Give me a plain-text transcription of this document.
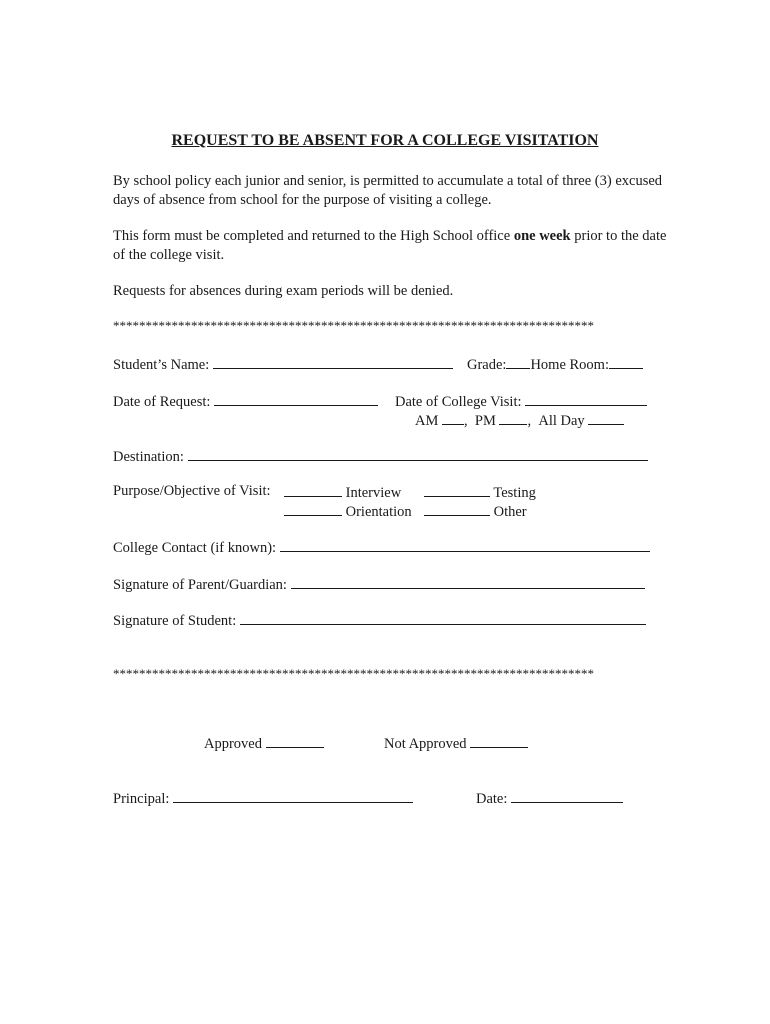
REQUEST TO BE ABSENT FOR A COLLEGE VISITATION
By school policy each junior and senior, is permitted to accumulate a total of three (3) excused days of absence from school for the purpose of visiting a college.
This form must be completed and returned to the High School office one week prior to the date of the college visit.
Requests for absences during exam periods will be denied.
**************************************************************************
Student’s Name:	Grade: Home Room:
Date of Request:	Date of College Visit:
AM , PM , All Day
Destination:
Purpose/Objective of Visit:	Interview	Testing
Orientation	Other
College Contact (if known):
Signature of Parent/Guardian:
Signature of Student:
**************************************************************************
Approved	Not Approved
Principal:	Date:
